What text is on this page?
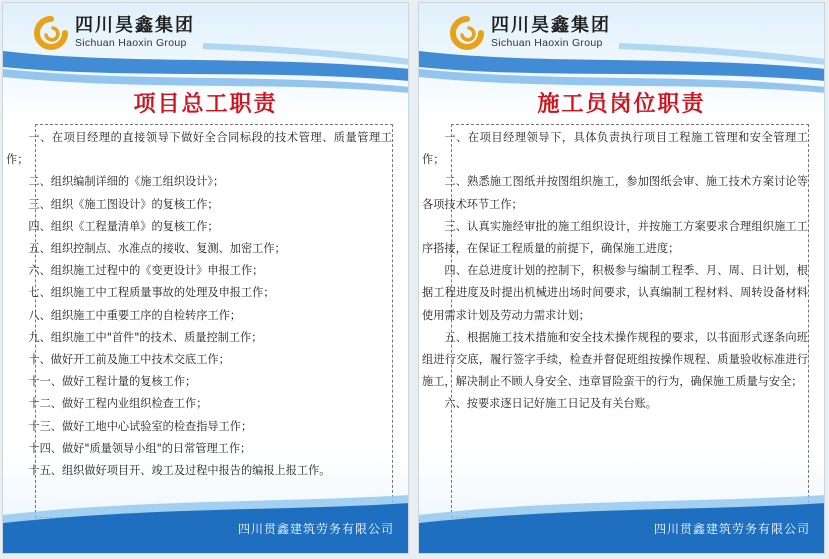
四川昊鑫集团
Sichuan Haoxin Group
项目总工职责

一、在项目经理的直接领导下做好全合同标段的技术管理、质量管理工作；

二、组织编制详细的《施工组织设计》；

三、组织《施工图设计》的复核工作；

四、组织《工程量清单》的复核工作；

五、组织控制点、水准点的接收、复测、加密工作；

六、组织施工过程中的《变更设计》申报工作；

七、组织施工中工程质量事故的处理及申报工作；

八、组织施工中重要工序的自检转序工作；

九、组织施工中"首件"的技术、质量控制工作；

十、做好开工前及施工中技术交底工作；

十一、做好工程计量的复核工作；

十二、做好工程内业组织检查工作；

十三、做好工地中心试验室的检查指导工作；

十四、做好"质量领导小组"的日常管理工作；

十五、组织做好项目开、竣工及过程中报告的编报上报工作。

四川贯鑫建筑劳务有限公司
四川昊鑫集团
Sichuan Haoxin Group
施工员岗位职责

一、在项目经理领导下，具体负责执行项目工程施工管理和安全管理工作；

二、熟悉施工图纸并按图组织施工，参加图纸会审、施工技术方案讨论等各项技术环节工作；

三、认真实施经审批的施工组织设计，并按施工方案要求合理组织施工工序搭接，在保证工程质量的前提下，确保施工进度；

四、在总进度计划的控制下，积极参与编制工程季、月、周、日计划，根据工程进度及时提出机械进出场时间要求，认真编制工程材料、周转设备材料使用需求计划及劳动力需求计划；

五、根据施工技术措施和安全技术操作规程的要求，以书面形式逐条向班组进行交底，履行签字手续，检查并督促班组按操作规程、质量验收标准进行施工，解决制止不顾人身安全、违章冒险蛮干的行为，确保施工质量与安全；

六、按要求逐日记好施工日记及有关台账。

四川贯鑫建筑劳务有限公司
